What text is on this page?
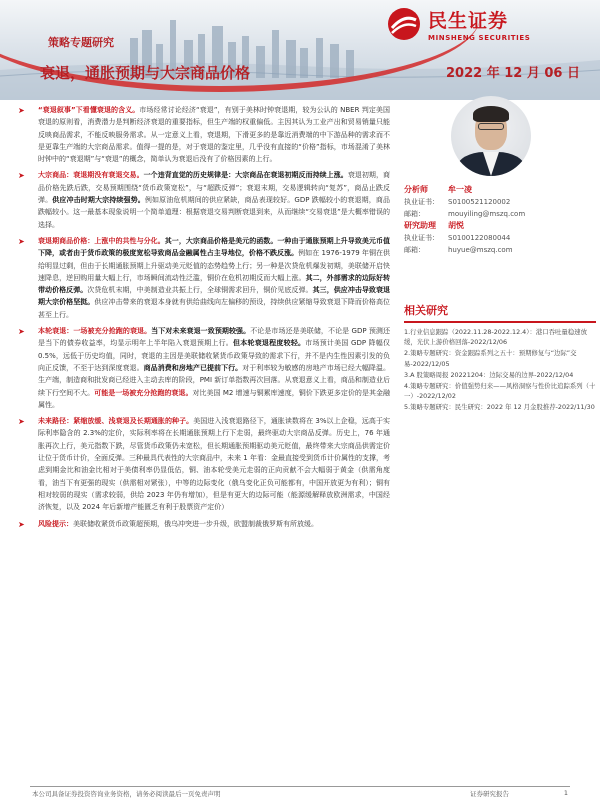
策略专题研究
衰退，通胀预期与大宗商品价格	2022 年 12 月 06 日
民生证券
MINSHENG SECURITIES

➤ “衰退叙事”下看懂衰退的含义。市场经常讨论经济“衰退”，有别于美林时钟衰退期，较为公认的 NBER 判定美国衰退的原则看，消费潜力是判断经济衰退的重要指标，但生产端的权重偏低。主因其认为工业产出和贸易销量只能反映商品需求，不能反映服务需求。从一定意义上看，衰退期，下滑更多的是靠近消费端的中下游品种的需求而不是更靠生产端的大宗商品需求。值得一提的是，对于衰退的鉴定里，几乎没有直接的“价格”指标，市场混淆了美林时钟中的“衰退期”与“衰退”的概念，简单认为衰退后没有了价格因素的上行。

➤ 大宗商品：衰退期没有衰退交易。一个违背直觉的历史规律是：大宗商品在衰退初期反而持续上涨。衰退初期，商品价格先跌后跌，交易预期围绕“货币政策宽松”，与“超跌反弹”；衰退末期，交易逻辑转向“复苏”，商品止跌反弹。供应冲击时期大宗持续强势。例如原油危机期间的供应紧缺，商品表现较好。GDP 跌幅较小的衰退期，商品跌幅较小。这一最基本现象说明一个简单道理：根据衰退交易判断衰退到来，从而继续“交易衰退”是大概率错误的选择。

➤ 衰退期商品价格：上涨中的共性与分化。其一，大宗商品价格是美元的函数。一种由于通胀预期上升导致美元币值下降，或者由于货币政策的极度宽松导致商品金融属性占主导地位，价格不跌反涨。例如在 1976-1979 年铜在供给明显过剩，但由于长期通胀预期上升驱动美元贬值的态势趋势上行；另一种是次贷危机爆发初期，美联储开启快速降息，逆回购用量大幅上行，市场瞬间流动性泛滥，铜价在危机初期反而大幅上涨。其二，外部需求的边际好转带动价格反弹。次贷危机末期，中美制造业共振上行，全球铜需求回升，铜价见底反弹。其三，供应冲击导致衰退期大宗价格坚挺。供应冲击带来的衰退本身就有供给曲线向左偏移的预设，持续供应紧缩导致衰退下降而价格高位甚至上行。

➤ 本轮衰退：一场被充分抢跑的衰退。当下对未来衰退一致预期较强。不论是市场还是美联储，不论是 GDP 预测还是当下的债券收益率，均显示明年上半年陷入衰退预期上行。但本轮衰退程度较轻。市场预计美国 GDP 降幅仅 0.5%，远低于历史均值，同时，衰退的主因是美联储收紧货币政策导致的需求下行，并不是内生性因素引发的负向正反馈，不至于达到深度衰退。商品消费和房地产已提前下行。对于利率较为敏感的房地产市场已经大幅降温。生产端，制造商和批发商已经进入主动去库的阶段，PMI 新订单指数再次回落。从衰退意义上看，商品和制造业后续下行空间不大。可能是一场被充分抢跑的衰退。对比美国 M2 增速与铜累库速度，铜价下跌更多定价的是其金融属性。

➤ 未来路径：紧缩放缓、浅衰退及长期通胀的种子。美国进入浅衰退路径下，通胀读数将在 3%以上企稳，远高于实际利率隐含的 2.3%的定价，实际利率将在长期通胀预期上行下走弱，最终驱动大宗商品反弹。历史上，76 年通胀再次上行，美元指数下跌，尽管货币政策仍未宽松，但长期通胀预期驱动美元贬值，最终带来大宗商品供需定价让位于货币计价，全面反弹。三种最具代表性的大宗商品中，未来 1 年看：金最直接受到货币计价属性的支撑，考虑到期金比和油金比相对于美债利率仍显低估，铜、油本轮受美元走弱的正向贡献不会大幅弱于黄金（供需角度看，油当下有更强的现实（供需相对紧张），中等的边际变化（俄乌变化正负可能都有，中国开放更为有利）；铜有相对较弱的现实（需求较弱，供给 2023 年仍有增加），但是有更大的边际可能（能源缓解释放欧洲需求，中国经济恢复，以及 2024 年后新增产能匮乏有利于股票资产定价）

➤ 风险提示：美联储收紧货币政策超预期，俄乌冲突进一步升级，欧盟制裁俄罗斯有所放缓。

分析师	牟一凌
执业证书：	S0100521120002
邮箱：	mouyiling@mszq.com
研究助理	胡悦
执业证书：	S0100122080044
邮箱：	huyue@mszq.com
相关研究
1.行业信息跟踪（2022.11.28-2022.12.4）：港口吞吐量稳速放缓，光伏上游价格回落-2022/12/06
2.策略专题研究：资金跟踪系列之五十：预期修复与“边际”交易-2022/12/05
3.A 股策略周报 20221204：边际交易的边界-2022/12/04
4.策略专题研究：价值强势归来——风格洞察与性价比追踪系列（十一）-2022/12/02
5.策略专题研究：民生研究：2022 年 12 月金股推荐-2022/11/30
本公司具备证券投资咨询业务资格，请务必阅读最后一页免责声明	证券研究报告	1
